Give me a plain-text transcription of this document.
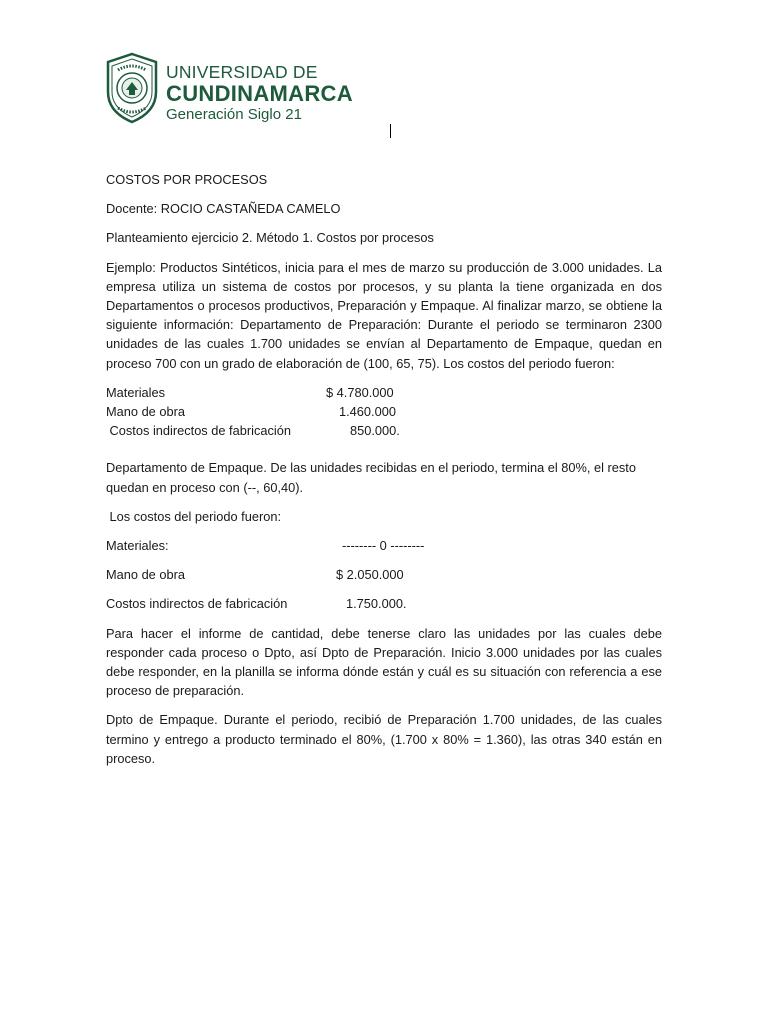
UNIVERSIDAD DE
CUNDINAMARCA
Generación Siglo 21

COSTOS POR PROCESOS

Docente: ROCIO CASTAÑEDA CAMELO

Planteamiento ejercicio 2. Método 1. Costos por procesos

Ejemplo: Productos Sintéticos, inicia para el mes de marzo su producción de 3.000 unidades. La empresa utiliza un sistema de costos por procesos, y su planta la tiene organizada en dos Departamentos o procesos productivos, Preparación y Empaque. Al finalizar marzo, se obtiene la siguiente información: Departamento de Preparación: Durante el periodo se terminaron 2300 unidades de las cuales 1.700 unidades se envían al Departamento de Empaque, quedan en proceso 700 con un grado de elaboración de (100, 65, 75). Los costos del periodo fueron:

Materiales	$ 4.780.000
Mano de obra	1.460.000
Costos indirectos de fabricación	850.000.

Departamento de Empaque. De las unidades recibidas en el periodo, termina el 80%, el resto quedan en proceso con (--, 60,40).

Los costos del periodo fueron:

Materiales:	-------- 0 --------
Mano de obra	$ 2.050.000
Costos indirectos de fabricación	1.750.000.

Para hacer el informe de cantidad, debe tenerse claro las unidades por las cuales debe responder cada proceso o Dpto, así Dpto de Preparación. Inicio 3.000 unidades por las cuales debe responder, en la planilla se informa dónde están y cuál es su situación con referencia a ese proceso de preparación.

Dpto de Empaque. Durante el periodo, recibió de Preparación 1.700 unidades, de las cuales termino y entrego a producto terminado el 80%, (1.700 x 80% = 1.360), las otras 340 están en proceso.
